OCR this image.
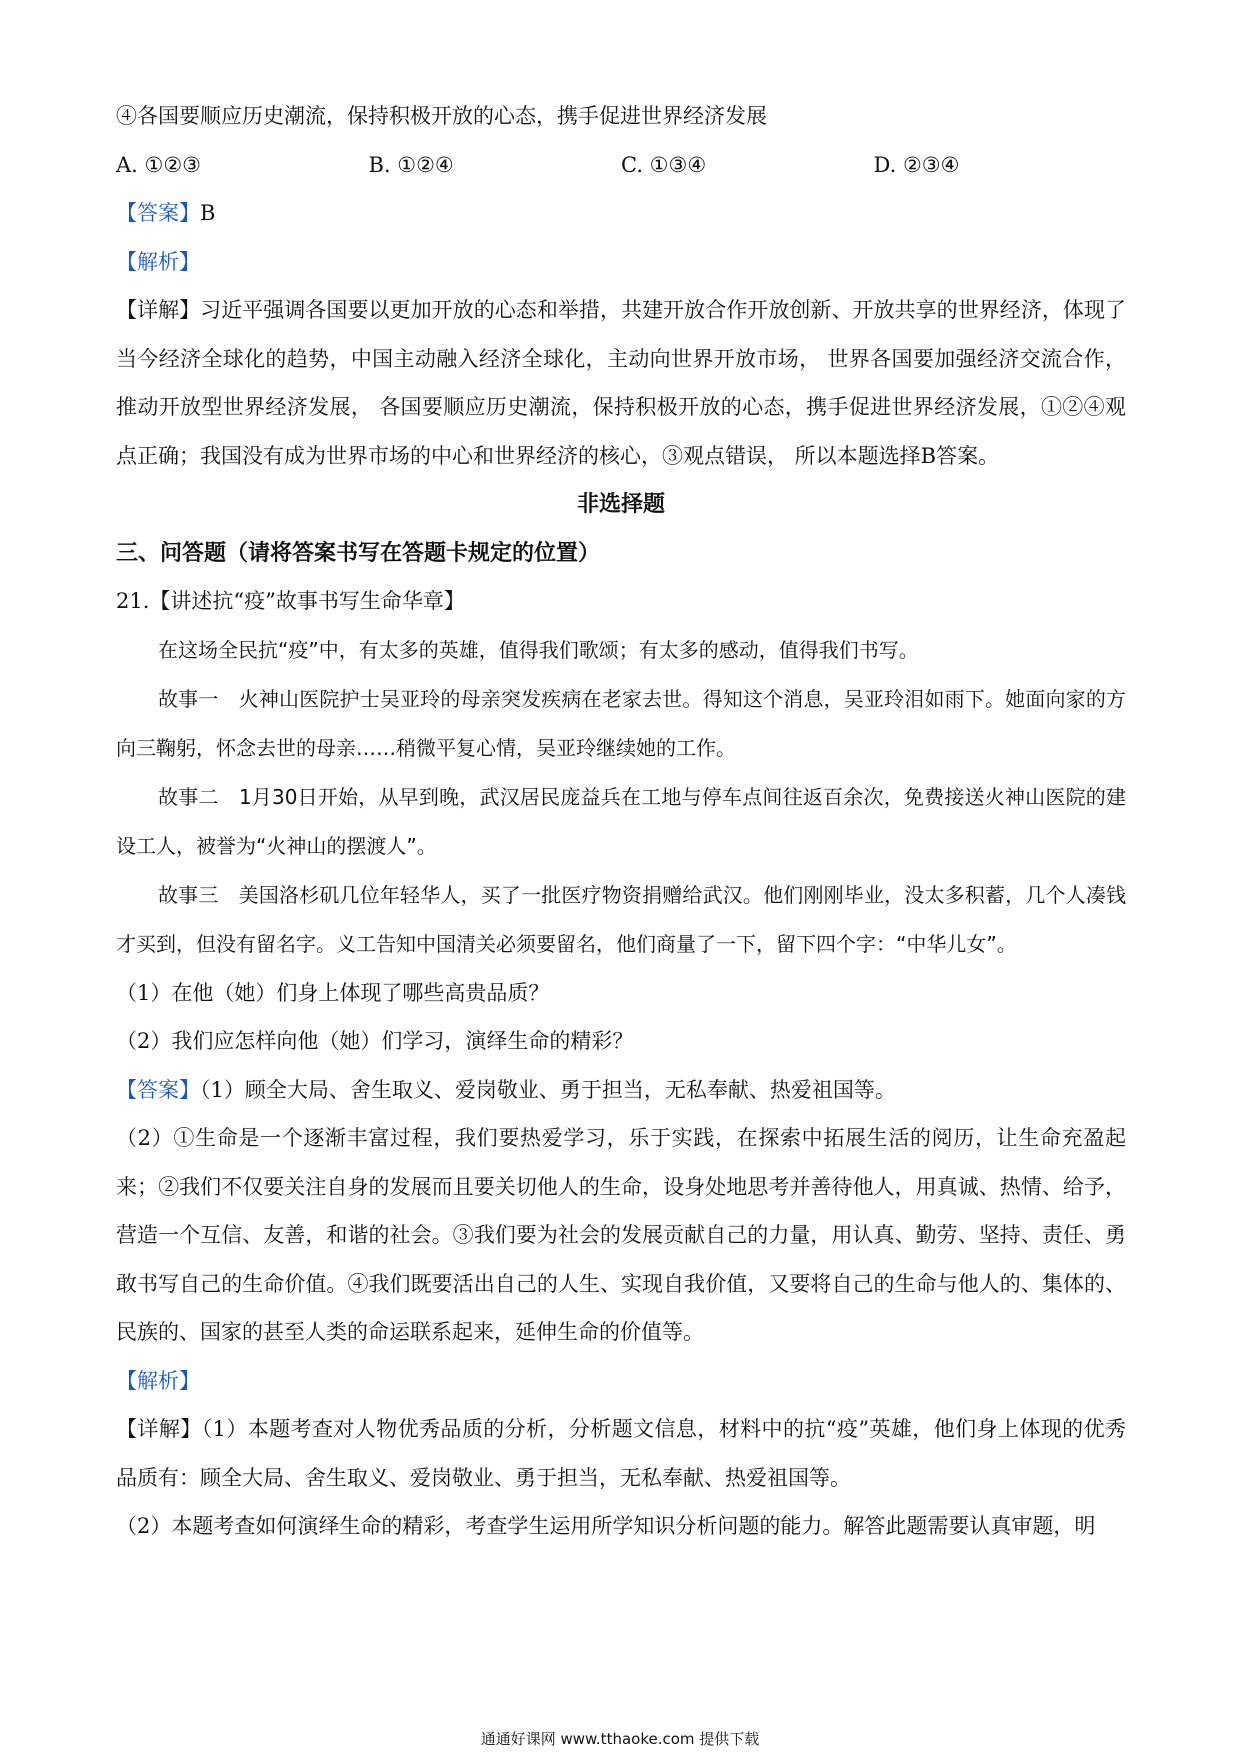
④各国要顺应历史潮流，保持积极开放的心态，携手促进世界经济发展

A. ①②③	B. ①②④	C. ①③④	D. ②③④

【答案】B

【解析】

【详解】习近平强调各国要以更加开放的心态和举措，共建开放合作开放创新、开放共享的世界经济，体现了当今经济全球化的趋势，中国主动融入经济全球化，主动向世界开放市场， 世界各国要加强经济交流合作，推动开放型世界经济发展， 各国要顺应历史潮流，保持积极开放的心态，携手促进世界经济发展，①②④观点正确；我国没有成为世界市场的中心和世界经济的核心，③观点错误， 所以本题选择B答案。

非选择题
三、问答题（请将答案书写在答题卡规定的位置）

21.【讲述抗“疫”故事书写生命华章】

在这场全民抗“疫”中，有太多的英雄，值得我们歌颂；有太多的感动，值得我们书写。

故事一　火神山医院护士吴亚玲的母亲突发疾病在老家去世。得知这个消息，吴亚玲泪如雨下。她面向家的方向三鞠躬，怀念去世的母亲……稍微平复心情，吴亚玲继续她的工作。

故事二　1月30日开始，从早到晚，武汉居民庞益兵在工地与停车点间往返百余次，免费接送火神山医院的建设工人，被誉为“火神山的摆渡人”。

故事三　美国洛杉矶几位年轻华人，买了一批医疗物资捐赠给武汉。他们刚刚毕业，没太多积蓄，几个人凑钱才买到，但没有留名字。义工告知中国清关必须要留名，他们商量了一下，留下四个字：“中华儿女”。

（1）在他（她）们身上体现了哪些高贵品质？

（2）我们应怎样向他（她）们学习，演绎生命的精彩？

【答案】（1）顾全大局、舍生取义、爱岗敬业、勇于担当，无私奉献、热爱祖国等。

（2）①生命是一个逐渐丰富过程，我们要热爱学习，乐于实践，在探索中拓展生活的阅历，让生命充盈起来；②我们不仅要关注自身的发展而且要关切他人的生命，设身处地思考并善待他人，用真诚、热情、给予，营造一个互信、友善，和谐的社会。③我们要为社会的发展贡献自己的力量，用认真、勤劳、坚持、责任、勇敢书写自己的生命价值。④我们既要活出自己的人生、实现自我价值，又要将自己的生命与他人的、集体的、民族的、国家的甚至人类的命运联系起来，延伸生命的价值等。

【解析】

【详解】（1）本题考查对人物优秀品质的分析，分析题文信息，材料中的抗“疫”英雄，他们身上体现的优秀品质有：顾全大局、舍生取义、爱岗敬业、勇于担当，无私奉献、热爱祖国等。

（2）本题考查如何演绎生命的精彩，考查学生运用所学知识分析问题的能力。解答此题需要认真审题，明

通通好课网 www.tthaoke.com 提供下载
